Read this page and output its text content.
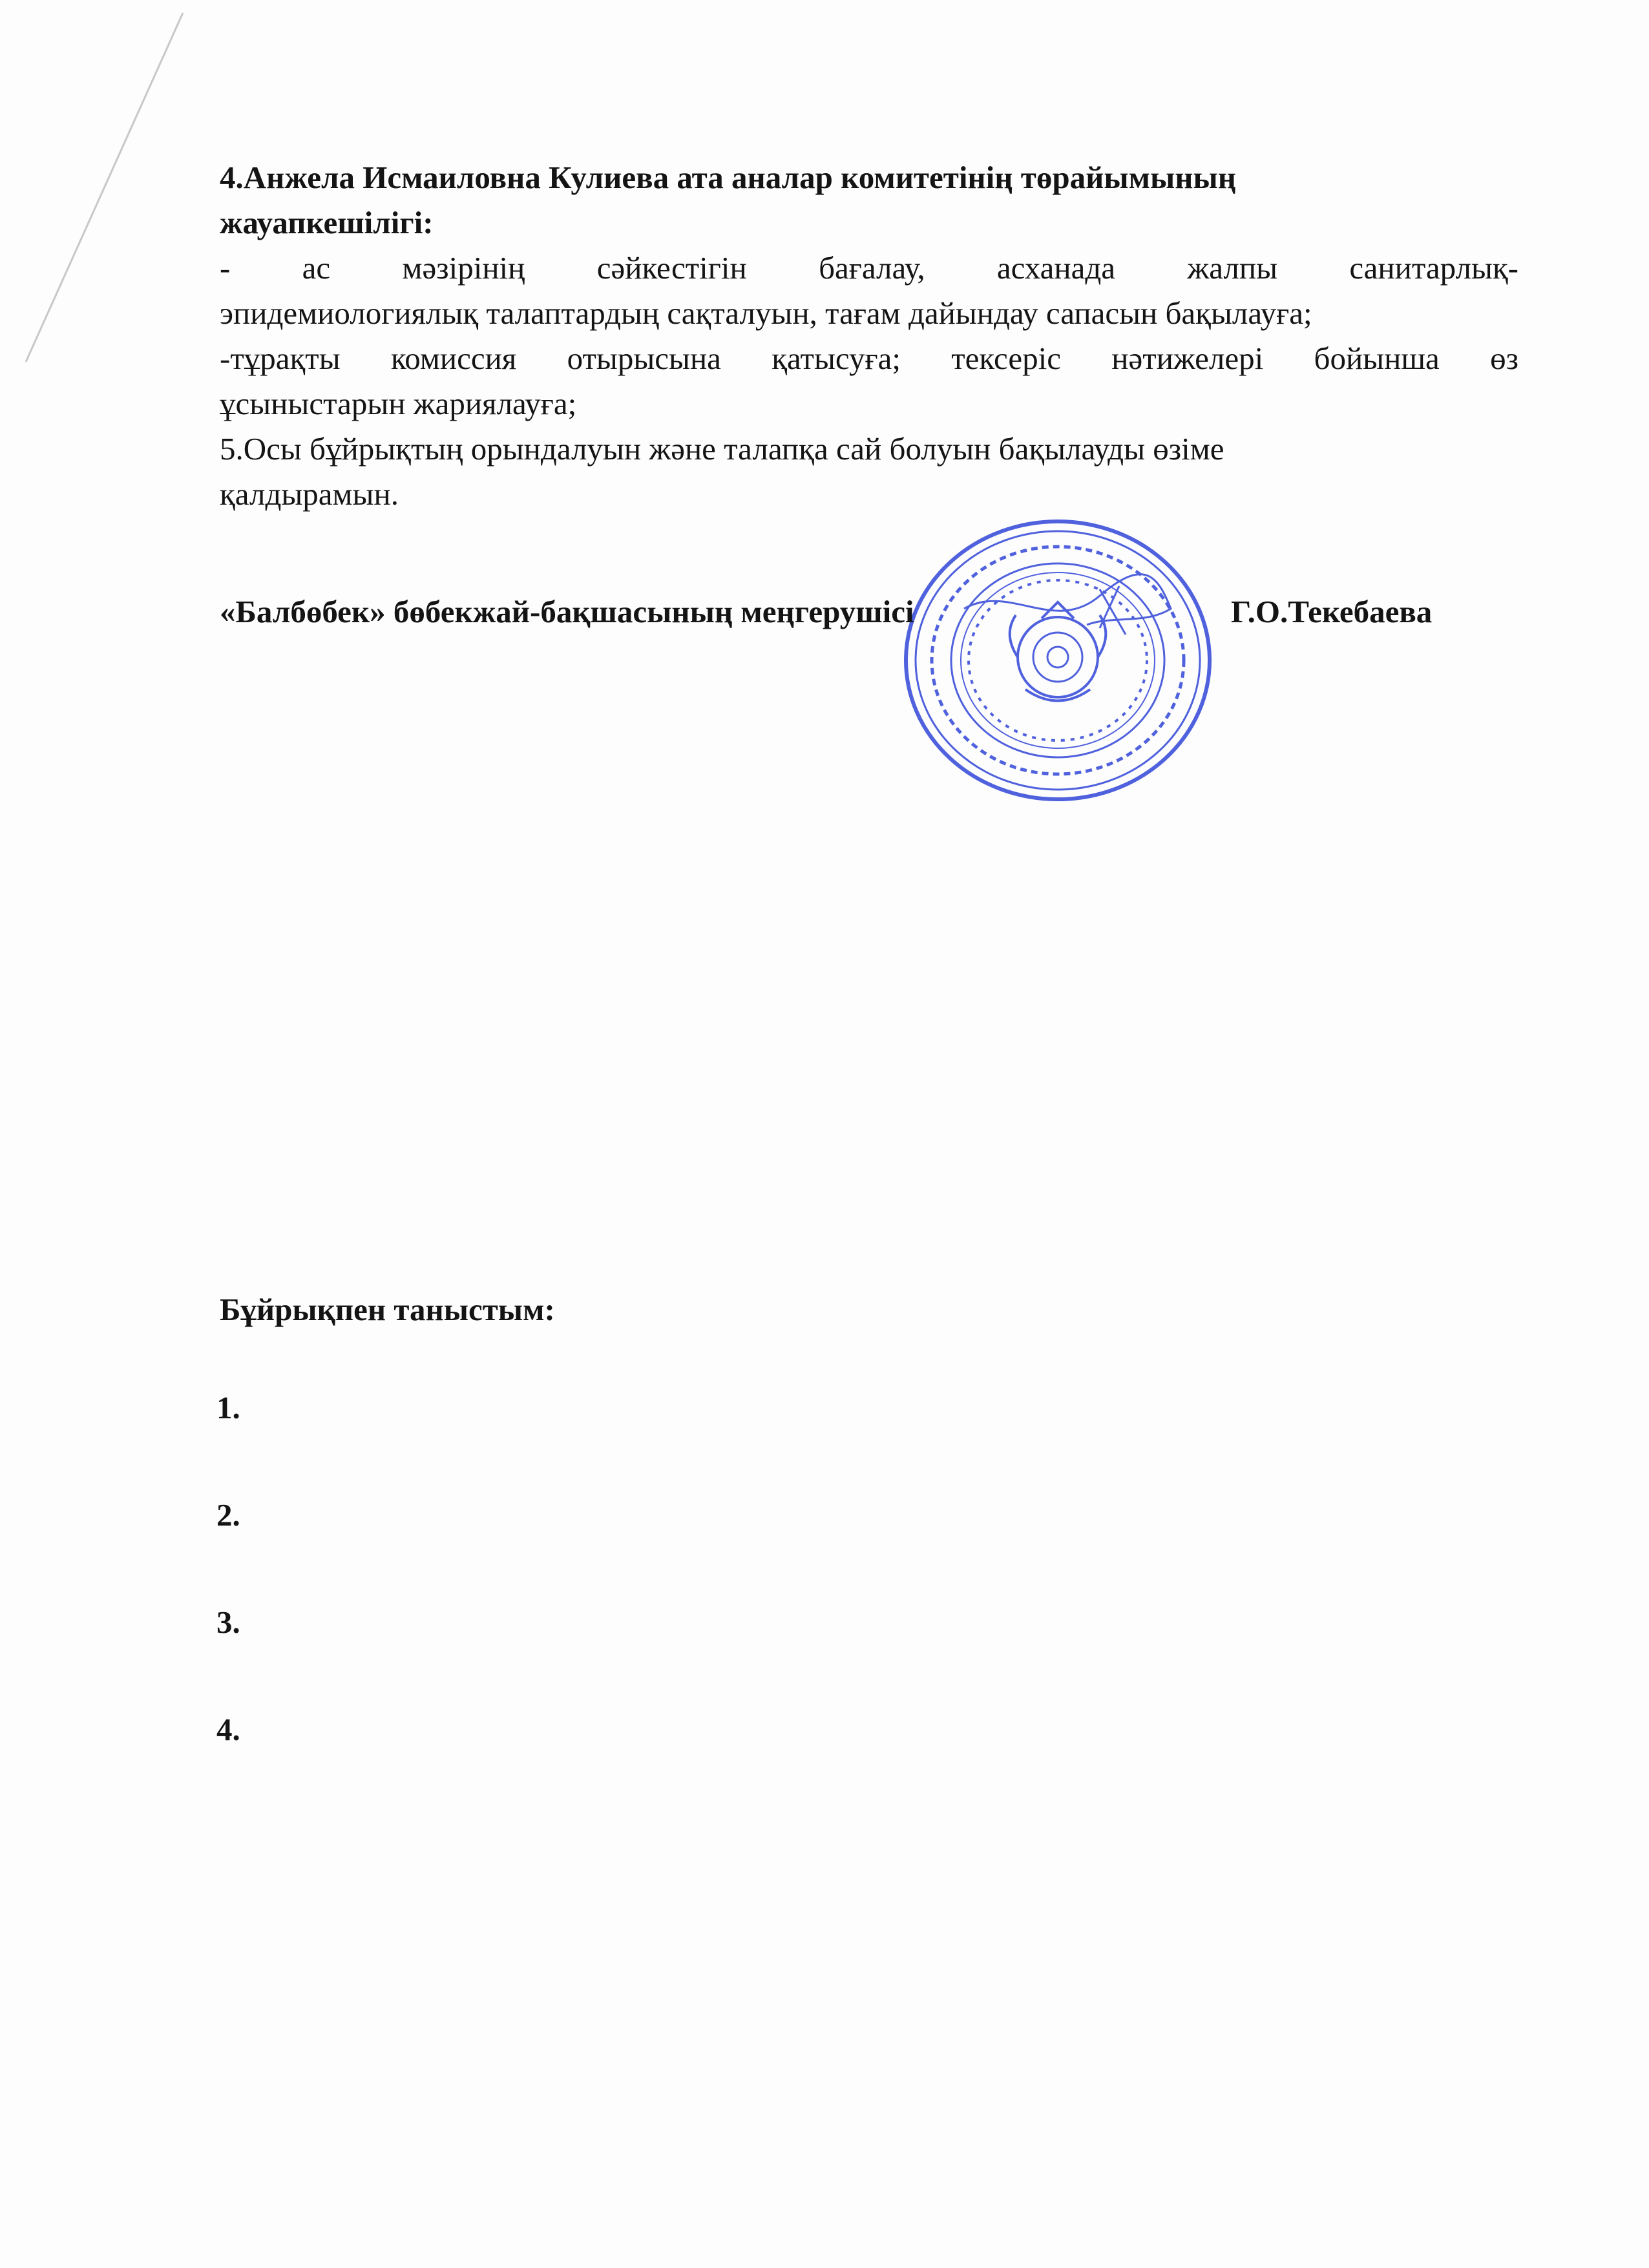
4.Анжела Исмаиловна Кулиева ата аналар комитетінің төрайымының

жауапкешілігі:

- ас мәзірінің сәйкестігін бағалау, асханада жалпы санитарлық-

эпидемиологиялық талаптардың сақталуын, тағам дайындау сапасын бақылауға;

-тұрақты комиссия отырысына қатысуға; тексеріс нәтижелері бойынша өз

ұсыныстарын жариялауға;

5.Осы бұйрықтың орындалуын және талапқа сай болуын бақылауды өзіме

қалдырамын.

«Балбөбек» бөбекжай-бақшасының меңгерушісі	Г.О.Текебаева
Бұйрықпен таныстым:
1.
2.
3.
4.
